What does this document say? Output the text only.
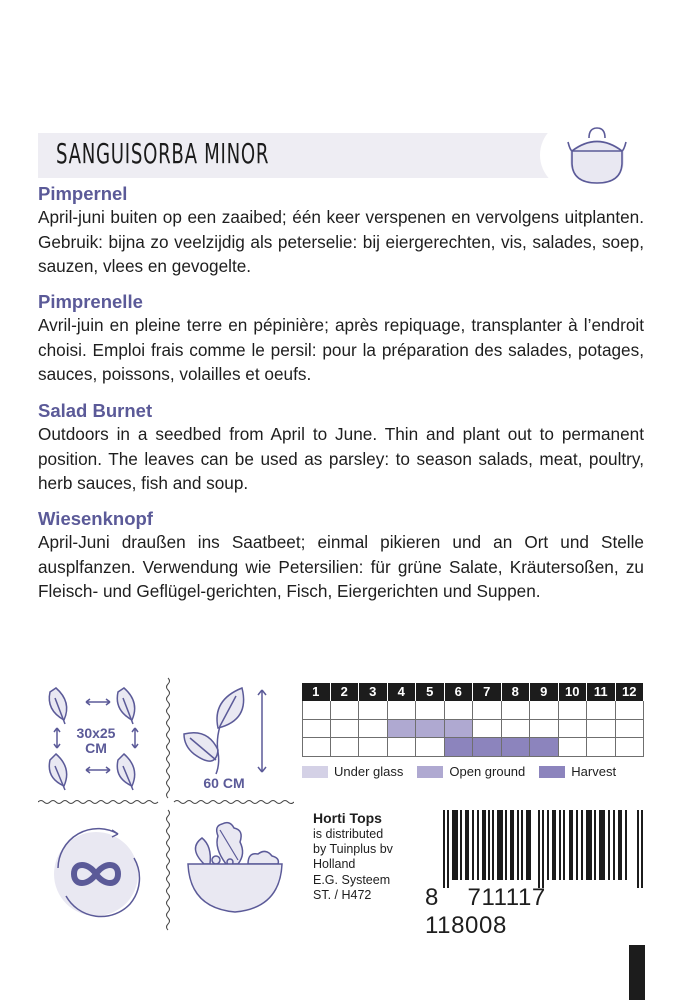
SANGUISORBA MINOR
Pimpernel

April-juni buiten op een zaaibed; één keer verspenen en vervolgens uitplanten. Gebruik: bijna zo veelzijdig als peterselie: bij eiergerechten, vis, salades, soep, sauzen, vlees en gevogelte.

Pimprenelle

Avril-juin en pleine terre en pépinière; après repiquage, transplanter à l’endroit choisi. Emploi frais comme le persil: pour la préparation des salades, potages, sauces, poissons, volailles et oeufs.

Salad Burnet

Outdoors in a seedbed from April to June. Thin and plant out to permanent position. The leaves can be used as parsley: to season salads, meat, poultry, herb sauces, fish and soup.

Wiesenknopf

April-Juni draußen ins Saatbeet; einmal pikieren und an Ort und Stelle ausplfanzen. Verwendung wie Petersilien: für grüne Salate, Kräutersoßen, zu Fleisch- und Geflügel-gerichten, Fisch, Eiergerichten und Suppen.

30x25
CM
60 CM
1	2	3	4	5	6	7	8	9	10	11	12
Under glass	Open ground	Harvest
Horti Tops
is distributed
by Tuinplus bv
Holland
E.G. Systeem
ST. / H472	8 711117  118008
